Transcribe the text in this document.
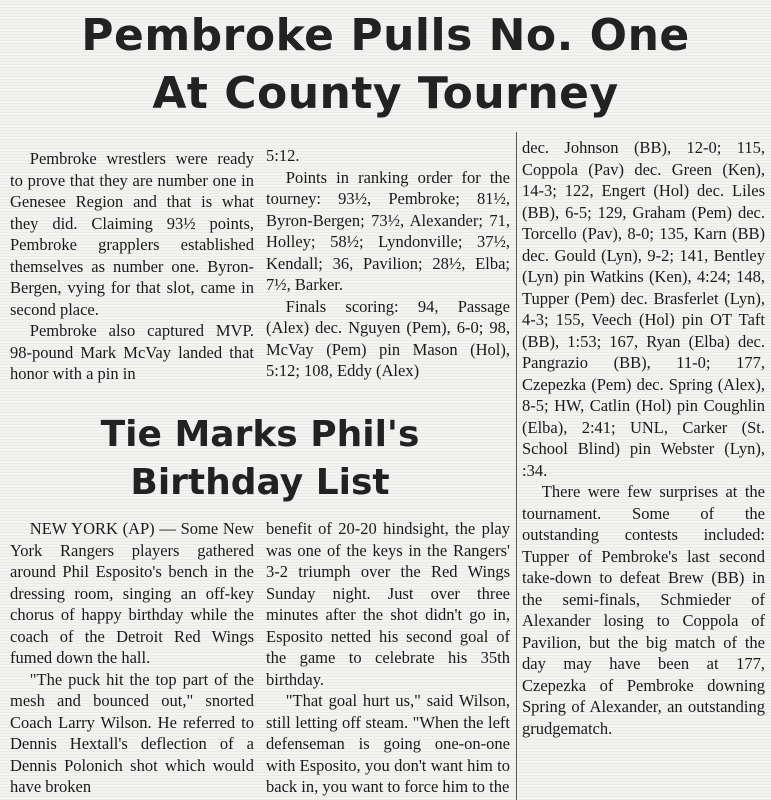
Pembroke Pulls No. One
At County Tourney

Pembroke wrestlers were ready to prove that they are number one in Genesee Region and that is what they did. Claiming 93½ points, Pembroke grapplers established themselves as number one. Byron-Bergen, vying for that slot, came in second place.

Pembroke also captured MVP. 98-pound Mark McVay landed that honor with a pin in

5:12.

Points in ranking order for the tourney: 93½, Pembroke; 81½, Byron-Bergen; 73½, Alexander; 71, Holley; 58½; Lyndonville; 37½, Kendall; 36, Pavilion; 28½, Elba; 7½, Barker.

Finals scoring: 94, Passage (Alex) dec. Nguyen (Pem), 6-0; 98, McVay (Pem) pin Mason (Hol), 5:12; 108, Eddy (Alex)

dec. Johnson (BB), 12-0; 115, Coppola (Pav) dec. Green (Ken), 14-3; 122, Engert (Hol) dec. Liles (BB), 6-5; 129, Graham (Pem) dec. Torcello (Pav), 8-0; 135, Karn (BB) dec. Gould (Lyn), 9-2; 141, Bentley (Lyn) pin Watkins (Ken), 4:24; 148, Tupper (Pem) dec. Brasferlet (Lyn), 4-3; 155, Veech (Hol) pin OT Taft (BB), 1:53; 167, Ryan (Elba) dec. Pangrazio (BB), 11-0; 177, Czepezka (Pem) dec. Spring (Alex), 8-5; HW, Catlin (Hol) pin Coughlin (Elba), 2:41; UNL, Carker (St. School Blind) pin Webster (Lyn), :34.

There were few surprises at the tournament. Some of the outstanding contests included: Tupper of Pembroke's last second take-down to defeat Brew (BB) in the semi-finals, Schmieder of Alexander losing to Coppola of Pavilion, but the big match of the day may have been at 177, Czepezka of Pembroke downing Spring of Alexander, an outstanding grudgematch.

Tie Marks Phil's
Birthday List

NEW YORK (AP) — Some New York Rangers players gathered around Phil Esposito's bench in the dressing room, singing an off-key chorus of happy birthday while the coach of the Detroit Red Wings fumed down the hall.

"The puck hit the top part of the mesh and bounced out," snorted Coach Larry Wilson. He referred to Dennis Hextall's deflection of a Dennis Polonich shot which would have broken

benefit of 20-20 hindsight, the play was one of the keys in the Rangers' 3-2 triumph over the Red Wings Sunday night. Just over three minutes after the shot didn't go in, Esposito netted his second goal of the game to celebrate his 35th birthday.

"That goal hurt us," said Wilson, still letting off steam. "When the left defenseman is going one-on-one with Esposito, you don't want him to back in, you want to force him to the
